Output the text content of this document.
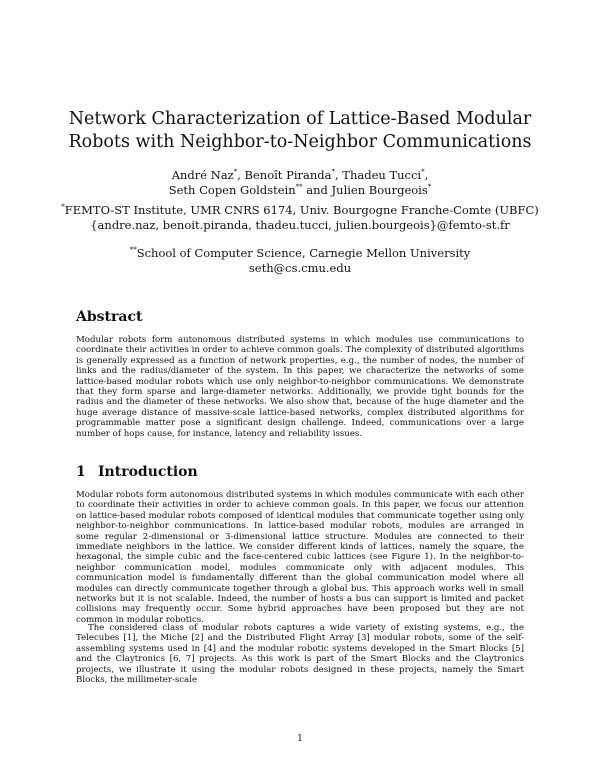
Network Characterization of Lattice-Based Modular
Robots with Neighbor-to-Neighbor Communications
André Naz*, Benoît Piranda*, Thadeu Tucci*,
Seth Copen Goldstein** and Julien Bourgeois*
*FEMTO-ST Institute, UMR CNRS 6174, Univ. Bourgogne Franche-Comte (UBFC)
{andre.naz, benoit.piranda, thadeu.tucci, julien.bourgeois}@femto-st.fr
**School of Computer Science, Carnegie Mellon University
seth@cs.cmu.edu
Abstract
Modular robots form autonomous distributed systems in which modules use communications to coordinate their activities in order to achieve common goals. The complexity of distributed algorithms is generally expressed as a function of network properties, e.g., the number of nodes, the number of links and the radius/diameter of the system. In this paper, we characterize the networks of some lattice-based modular robots which use only neighbor-to-neighbor communications. We demonstrate that they form sparse and large-diameter networks. Additionally, we provide tight bounds for the radius and the diameter of these networks. We also show that, because of the huge diameter and the huge average distance of massive-scale lattice-based networks, complex distributed algorithms for programmable matter pose a significant design challenge. Indeed, communications over a large number of hops cause, for instance, latency and reliability issues.
1 Introduction
Modular robots form autonomous distributed systems in which modules communicate with each other to coordinate their activities in order to achieve common goals. In this paper, we focus our attention on lattice-based modular robots composed of identical modules that communicate together using only neighbor-to-neighbor communications. In lattice-based modular robots, modules are arranged in some regular 2-dimensional or 3-dimensional lattice structure. Modules are connected to their immediate neighbors in the lattice. We consider different kinds of lattices, namely the square, the hexagonal, the simple cubic and the face-centered cubic lattices (see Figure 1). In the neighbor-to-neighbor communication model, modules communicate only with adjacent modules. This communication model is fundamentally different than the global communication model where all modules can directly communicate together through a global bus. This approach works well in small networks but it is not scalable. Indeed, the number of hosts a bus can support is limited and packet collisions may frequently occur. Some hybrid approaches have been proposed but they are not common in modular robotics.
The considered class of modular robots captures a wide variety of existing systems, e.g., the Telecubes [1], the Miche [2] and the Distributed Flight Array [3] modular robots, some of the self-assembling systems used in [4] and the modular robotic systems developed in the Smart Blocks [5] and the Claytronics [6, 7] projects. As this work is part of the Smart Blocks and the Claytronics projects, we illustrate it using the modular robots designed in these projects, namely the Smart Blocks, the millimeter-scale
1
